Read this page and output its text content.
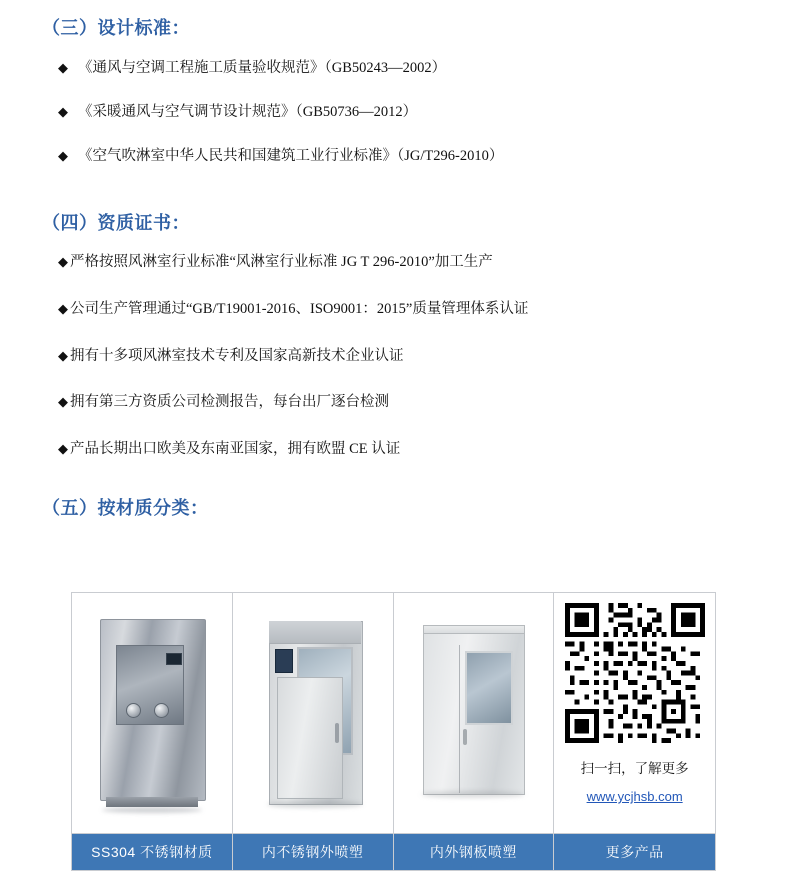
（三）设计标准：
◆ 《通风与空调工程施工质量验收规范》（GB50243—2002）
◆ 《采暖通风与空气调节设计规范》（GB50736—2012）
◆ 《空气吹淋室中华人民共和国建筑工业行业标准》（JG/T296-2010）
（四）资质证书：
◆ 严格按照风淋室行业标准“风淋室行业标准 JG T 296-2010”加工生产
◆ 公司生产管理通过“GB/T19001-2016、ISO9001：2015”质量管理体系认证
◆ 拥有十多项风淋室技术专利及国家高新技术企业认证
◆ 拥有第三方资质公司检测报告，每台出厂逐台检测
◆ 产品长期出口欧美及东南亚国家，拥有欧盟 CE 认证
（五）按材质分类：
SS304 不锈钢材质	内不锈钢外喷塑	内外钢板喷塑
扫一扫，了解更多
www.ycjhsb.com
更多产品
